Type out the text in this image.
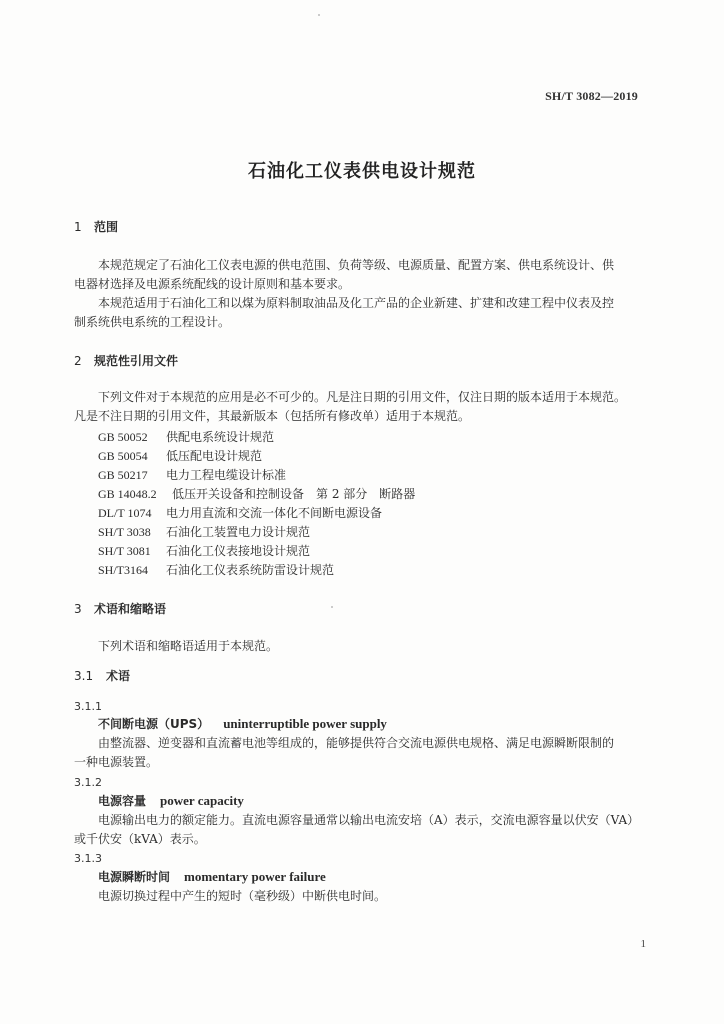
SH/T 3082—2019
石油化工仪表供电设计规范
1 范围
本规范规定了石油化工仪表电源的供电范围、负荷等级、电源质量、配置方案、供电系统设计、供
电器材选择及电源系统配线的设计原则和基本要求。
本规范适用于石油化工和以煤为原料制取油品及化工产品的企业新建、扩建和改建工程中仪表及控
制系统供电系统的工程设计。
2 规范性引用文件
下列文件对于本规范的应用是必不可少的。凡是注日期的引用文件，仅注日期的版本适用于本规范。
凡是不注日期的引用文件，其最新版本（包括所有修改单）适用于本规范。
GB 50052 供配电系统设计规范
GB 50054 低压配电设计规范
GB 50217 电力工程电缆设计标准
GB 14048.2 低压开关设备和控制设备　第 2 部分　断路器
DL/T 1074 电力用直流和交流一体化不间断电源设备
SH/T 3038 石油化工装置电力设计规范
SH/T 3081 石油化工仪表接地设计规范
SH/T3164 石油化工仪表系统防雷设计规范
3 术语和缩略语
下列术语和缩略语适用于本规范。
3.1 术语
3.1.1
不间断电源（UPS） uninterruptible power supply
由整流器、逆变器和直流蓄电池等组成的，能够提供符合交流电源供电规格、满足电源瞬断限制的
一种电源装置。
3.1.2
电源容量 power capacity
电源输出电力的额定能力。直流电源容量通常以输出电流安培（A）表示，交流电源容量以伏安（VA）
或千伏安（kVA）表示。
3.1.3
电源瞬断时间 momentary power failure
电源切换过程中产生的短时（毫秒级）中断供电时间。
1
